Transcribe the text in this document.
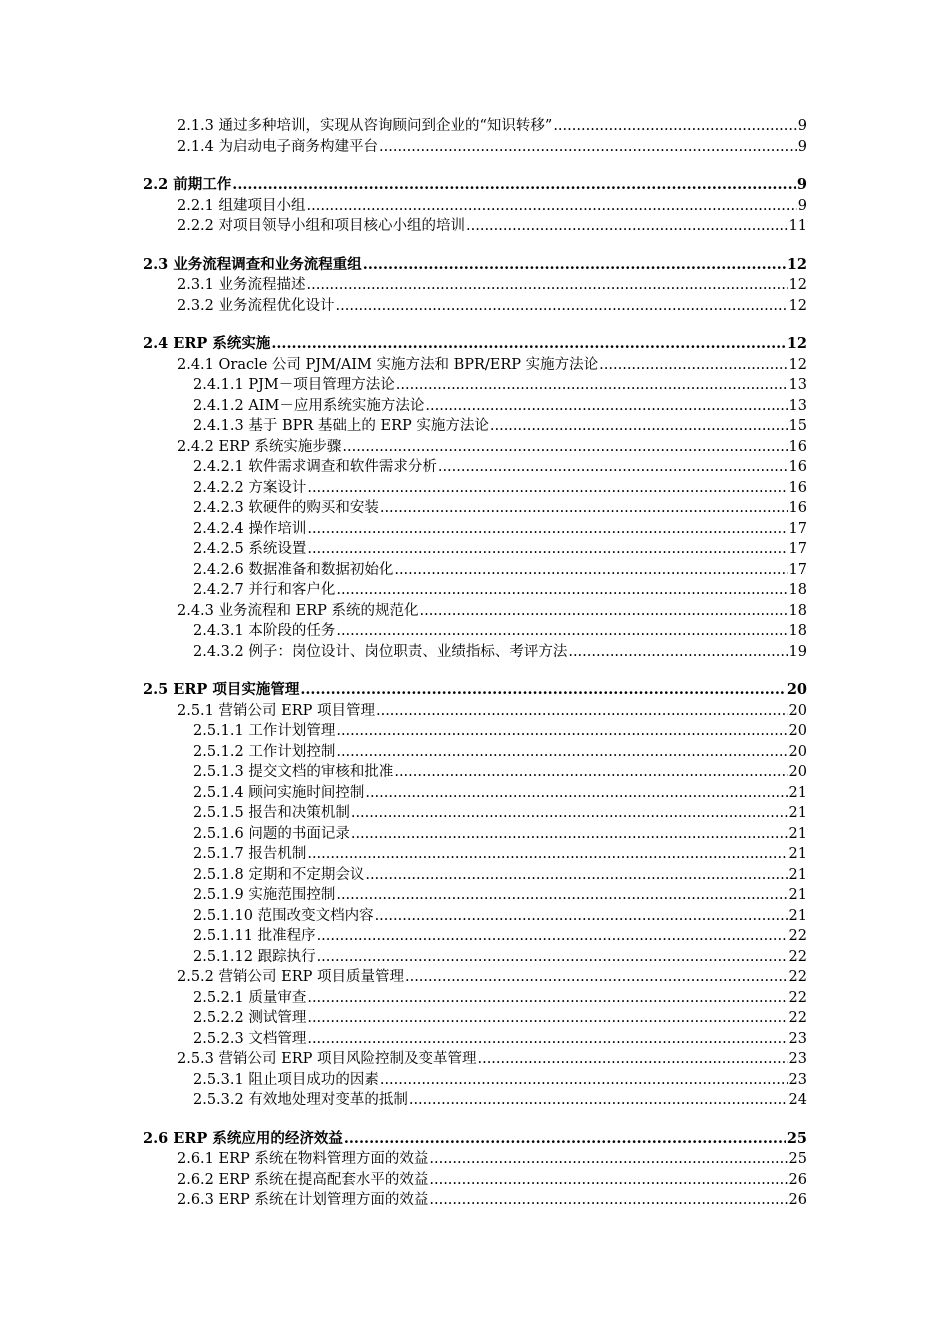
2.1.3 通过多种培训，实现从咨询顾问到企业的“知识转移” .....	9
2.1.4 为启动电子商务构建平台 .....	9
2.2 前期工作 .....	9
2.2.1 组建项目小组 .....	9
2.2.2 对项目领导小组和项目核心小组的培训 .....	11
2.3 业务流程调查和业务流程重组 .....	12
2.3.1 业务流程描述 .....	12
2.3.2 业务流程优化设计 .....	12
2.4 ERP 系统实施 .....	12
2.4.1 Oracle 公司 PJM/AIM 实施方法和 BPR/ERP 实施方法论 .....	12
2.4.1.1 PJM－项目管理方法论 .....	13
2.4.1.2 AIM－应用系统实施方法论 .....	13
2.4.1.3 基于 BPR 基础上的 ERP 实施方法论 .....	15
2.4.2 ERP 系统实施步骤 .....	16
2.4.2.1 软件需求调查和软件需求分析 .....	16
2.4.2.2 方案设计 .....	16
2.4.2.3 软硬件的购买和安装 .....	16
2.4.2.4 操作培训 .....	17
2.4.2.5 系统设置 .....	17
2.4.2.6 数据准备和数据初始化 .....	17
2.4.2.7 并行和客户化 .....	18
2.4.3 业务流程和 ERP 系统的规范化 .....	18
2.4.3.1 本阶段的任务 .....	18
2.4.3.2 例子：岗位设计、岗位职责、业绩指标、考评方法 .....	19
2.5 ERP 项目实施管理 .....	20
2.5.1 营销公司 ERP 项目管理 .....	20
2.5.1.1 工作计划管理 .....	20
2.5.1.2 工作计划控制 .....	20
2.5.1.3 提交文档的审核和批准 .....	20
2.5.1.4 顾问实施时间控制 .....	21
2.5.1.5 报告和决策机制 .....	21
2.5.1.6 问题的书面记录 .....	21
2.5.1.7 报告机制 .....	21
2.5.1.8 定期和不定期会议 .....	21
2.5.1.9 实施范围控制 .....	21
2.5.1.10 范围改变文档内容 .....	21
2.5.1.11 批准程序 .....	22
2.5.1.12 跟踪执行 .....	22
2.5.2 营销公司 ERP 项目质量管理 .....	22
2.5.2.1 质量审查 .....	22
2.5.2.2 测试管理 .....	22
2.5.2.3 文档管理 .....	23
2.5.3 营销公司 ERP 项目风险控制及变革管理 .....	23
2.5.3.1 阻止项目成功的因素 .....	23
2.5.3.2 有效地处理对变革的抵制 .....	24
2.6 ERP 系统应用的经济效益 .....	25
2.6.1 ERP 系统在物料管理方面的效益 .....	25
2.6.2 ERP 系统在提高配套水平的效益 .....	26
2.6.3 ERP 系统在计划管理方面的效益 .....	26
